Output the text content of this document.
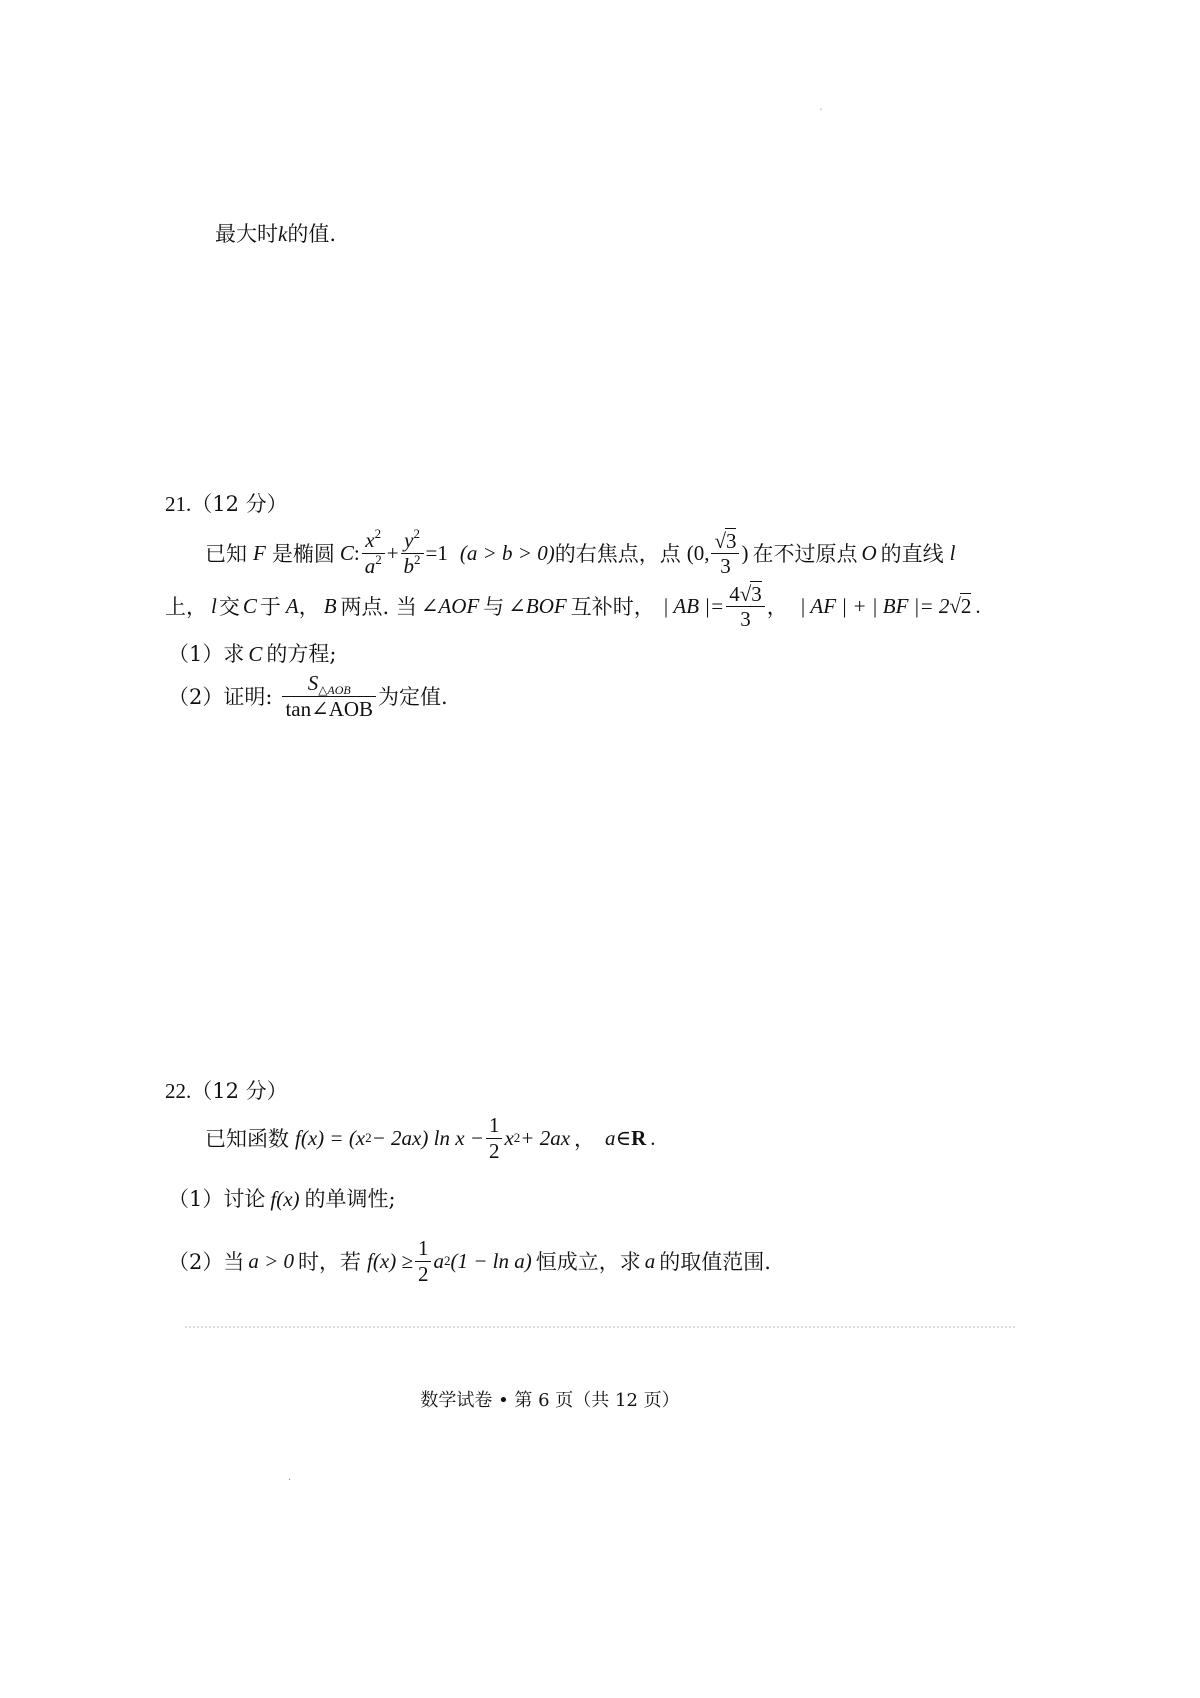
′
·
最大时k的值.
21.（12 分）
已知 F 是椭圆 C : $\frac{x^2}{a^2} + \frac{y^2}{b^2} =1$ (a > b > 0) 的右焦点，点 (0, $\frac{√3}{3}$ ) 在不过原点 O 的直线 l
上， l 交 C 于 A ， B 两点. 当 ∠AOF 与 ∠BOF 互补时， | AB |= $\frac{4√3}{3}$ ， | AF | + | BF |= 2 √ 2 .
（1）求 C 的方程;
（2）证明: $\frac{S_{\triangle AOB}}{\text{tan∠AOB}}$ 为定值.
22.（12 分）
已知函数 f(x) = (x 2 − 2ax) $\ln x - \frac{1}{2}$ x 2 + 2ax ， a ∈ R .
（1）讨论 f(x) 的单调性;
（2）当 a > 0 时，若 $f(x) \ge \frac{1}{2}$ a 2 (1 − ln a) 恒成立，求 a 的取值范围.
数学试卷 • 第 6 页（共 12 页）
